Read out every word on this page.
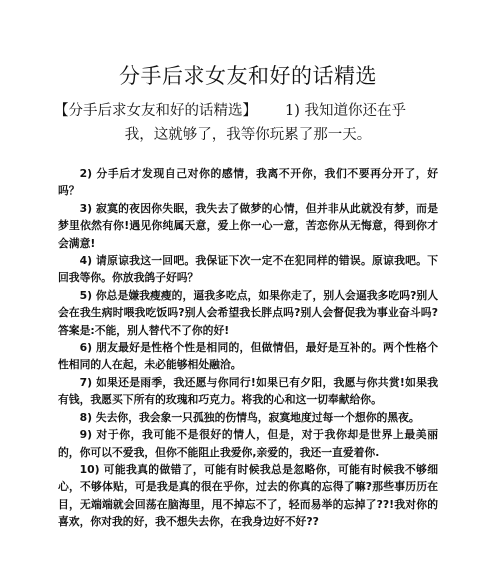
分手后求女友和好的话精选
【分手后求女友和好的话精选】 1) 我知道你还在乎
我，这就够了，我等你玩累了那一天。

2) 分手后才发现自己对你的感情，我离不开你，我们不要再分开了，好吗？

3) 寂寞的夜因你失眠，我失去了做梦的心情，但并非从此就没有梦，而是梦里依然有你!遇见你纯属天意，爱上你一心一意，苦恋你从无悔意，得到你才会满意!

4) 请原谅我这一回吧。我保证下次一定不在犯同样的错误。原谅我吧。下回我等你。你放我鸽子好吗？

5) 你总是嫌我瘦瘦的，逼我多吃点，如果你走了，别人会逼我多吃吗?别人会在我生病时喂我吃饭吗?别人会希望我长胖点吗?别人会督促我为事业奋斗吗?答案是:不能，别人替代不了你的好!

6) 朋友最好是性格个性是相同的，但做情侣，最好是互补的。两个性格个性相同的人在起，未必能够相处融洽。

7) 如果还是雨季，我还愿与你同行!如果已有夕阳，我愿与你共赏!如果我有钱，我愿买下所有的玫瑰和巧克力。将我的心和这一切奉献给你。

8) 失去你，我会象一只孤独的伤情鸟，寂寞地度过每一个想你的黑夜。

9) 对于你，我可能不是很好的情人，但是，对于我你却是世界上最美丽的，你可以不爱我，但你不能阻止我爱你,亲爱的，我还一直爱着你.

10) 可能我真的做错了，可能有时候我总是忽略你，可能有时候我不够细心，不够体贴，可是我是真的很在乎你，过去的你真的忘得了嘛?那些事历历在目，无端端就会回荡在脑海里，甩不掉忘不了，轻而易举的忘掉了??!我对你的喜欢，你对我的好，我不想失去你，在我身边好不好??
